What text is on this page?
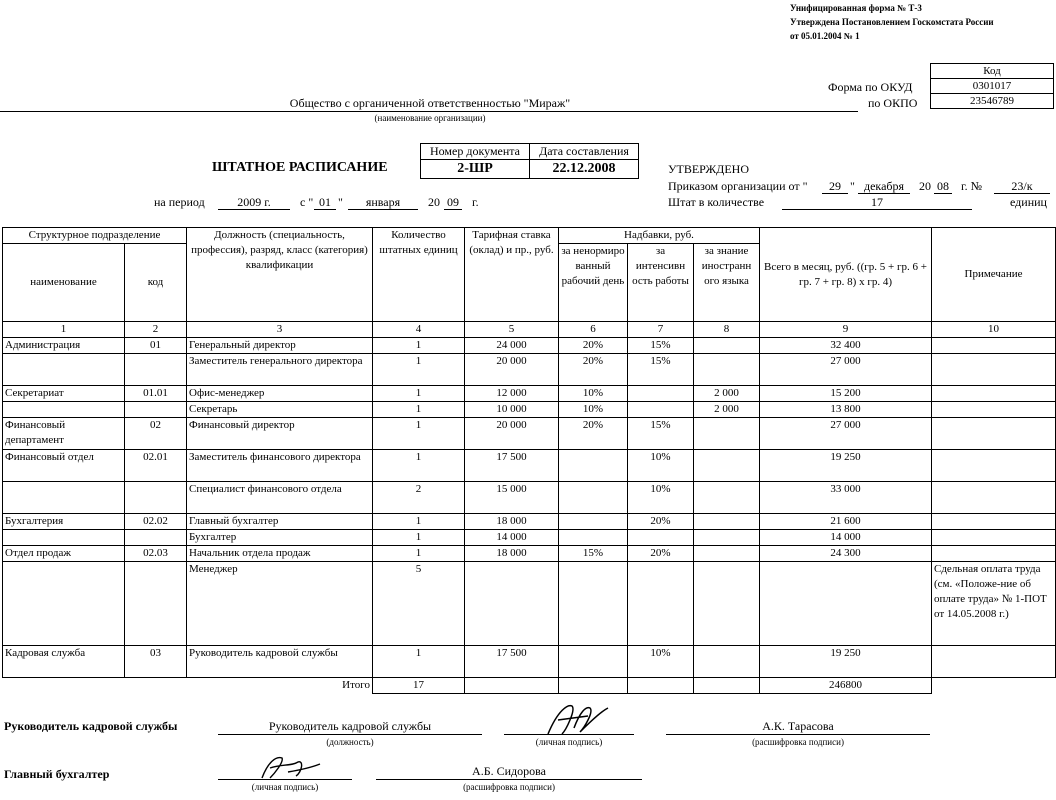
Унифицированная форма № Т-3
Утверждена Постановлением Госкомстата России
от 05.01.2004 № 1
Код
0301017
23546789
Форма по ОКУД
по ОКПО
Общество с органиченной ответственностью "Мираж"
(наименование организации)
Номер документа	Дата составления
2-ШР	22.12.2008
ШТАТНОЕ РАСПИСАНИЕ	УТВЕРЖДЕНО
Приказом организации от "	29 " декабря	20 08 г. №	23/к
Штат в количестве	17	единиц
на период	2009 г.	с " 01 "	января	20 09 г.
Структурное подразделение		Должность (специальность, профессия), разряд, класс (категория) квалификации	Количество штатных единиц	Тарифная ставка (оклад) и пр., руб.	Надбавки, руб.			Всего в месяц, руб. ((гр. 5 + гр. 6 + гр. 7 + гр. 8) х гр. 4)	Примечание
наименование	код				за ненормиро ванный рабочий день	за интенсивн ость работы	за знание иностранн ого языка		
1	2	3	4	5	6	7	8	9	10
Администрация	01	Генеральный директор	1	24 000	20%	15%		32 400	
		Заместитель генерального директора	1	20 000	20%	15%		27 000	
Секретариат	01.01	Офис-менеджер	1	12 000	10%		2 000	15 200	
		Секретарь	1	10 000	10%		2 000	13 800	
Финансовый департамент	02	Финансовый директор	1	20 000	20%	15%		27 000	
Финансовый отдел	02.01	Заместитель финансового директора	1	17 500		10%		19 250	
		Специалист финансового отдела	2	15 000		10%		33 000	
Бухгалтерия	02.02	Главный бухгалтер	1	18 000		20%		21 600	
		Бухгалтер	1	14 000				14 000	
Отдел продаж	02.03	Начальник отдела продаж	1	18 000	15%	20%		24 300	
		Менеджер	5						Сдельная оплата труда (см. «Положе-ние об оплате труда» № 1-ПОТ от 14.05.2008 г.)
Кадровая служба	03	Руководитель кадровой службы	1	17 500		10%		19 250	
		Итого	17					246800	
Руководитель кадровой службы	Руководитель кадровой службы
(должность)	(личная подпись)
А.К. Тарасова
(расшифровка подписи)
Главный бухгалтер
(личная подпись)
А.Б. Сидорова
(расшифровка подписи)
